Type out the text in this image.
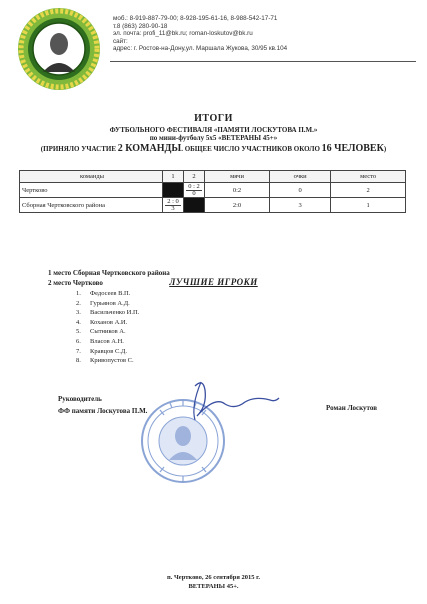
моб.: 8-919-887-79-00; 8-928-195-61-16, 8-988-542-17-71
т.8 (863) 280-90-18
эл. почта: profi_11@bk.ru; roman-loskutov@bk.ru
сайт:
адрес: г. Ростов-на-Дону,ул. Маршала Жукова, 30/95 кв.104
ИТОГИ
ФУТБОЛЬНОГО ФЕСТИВАЛЯ «ПАМЯТИ ЛОСКУТОВА П.М.»
по мини-футболу 5х5 «ВЕТЕРАНЫ 45+»
(ПРИНЯЛО УЧАСТИЕ 2 КОМАНДЫ. ОБЩЕЕ ЧИСЛО УЧАСТНИКОВ ОКОЛО 16 ЧЕЛОВЕК)
команды	1	2	мячи	очки	место
Чертково		$\frac{0 : 2}{0}$	0:2	0	2
Сборная Чертковского района	$\frac{2 : 0}{3}$		2:0	3	1
1 место Сборная Чертковского района
2 место Чертково	ЛУЧШИЕ ИГРОКИ
1. Федосеев В.П.
2. Гурьянов А.Д.
3. Васильченко И.П.
4. Коханов А.И.
5. Сытников А.
6. Власов А.Н.
7. Кравцов С.Д.
8. Кривопустов С.
Руководитель
ФФ памяти Лоскутова П.М.	Роман Лоскутов
п. Чертково, 26 сентября 2015 г.
ВЕТЕРАНЫ 45+.
